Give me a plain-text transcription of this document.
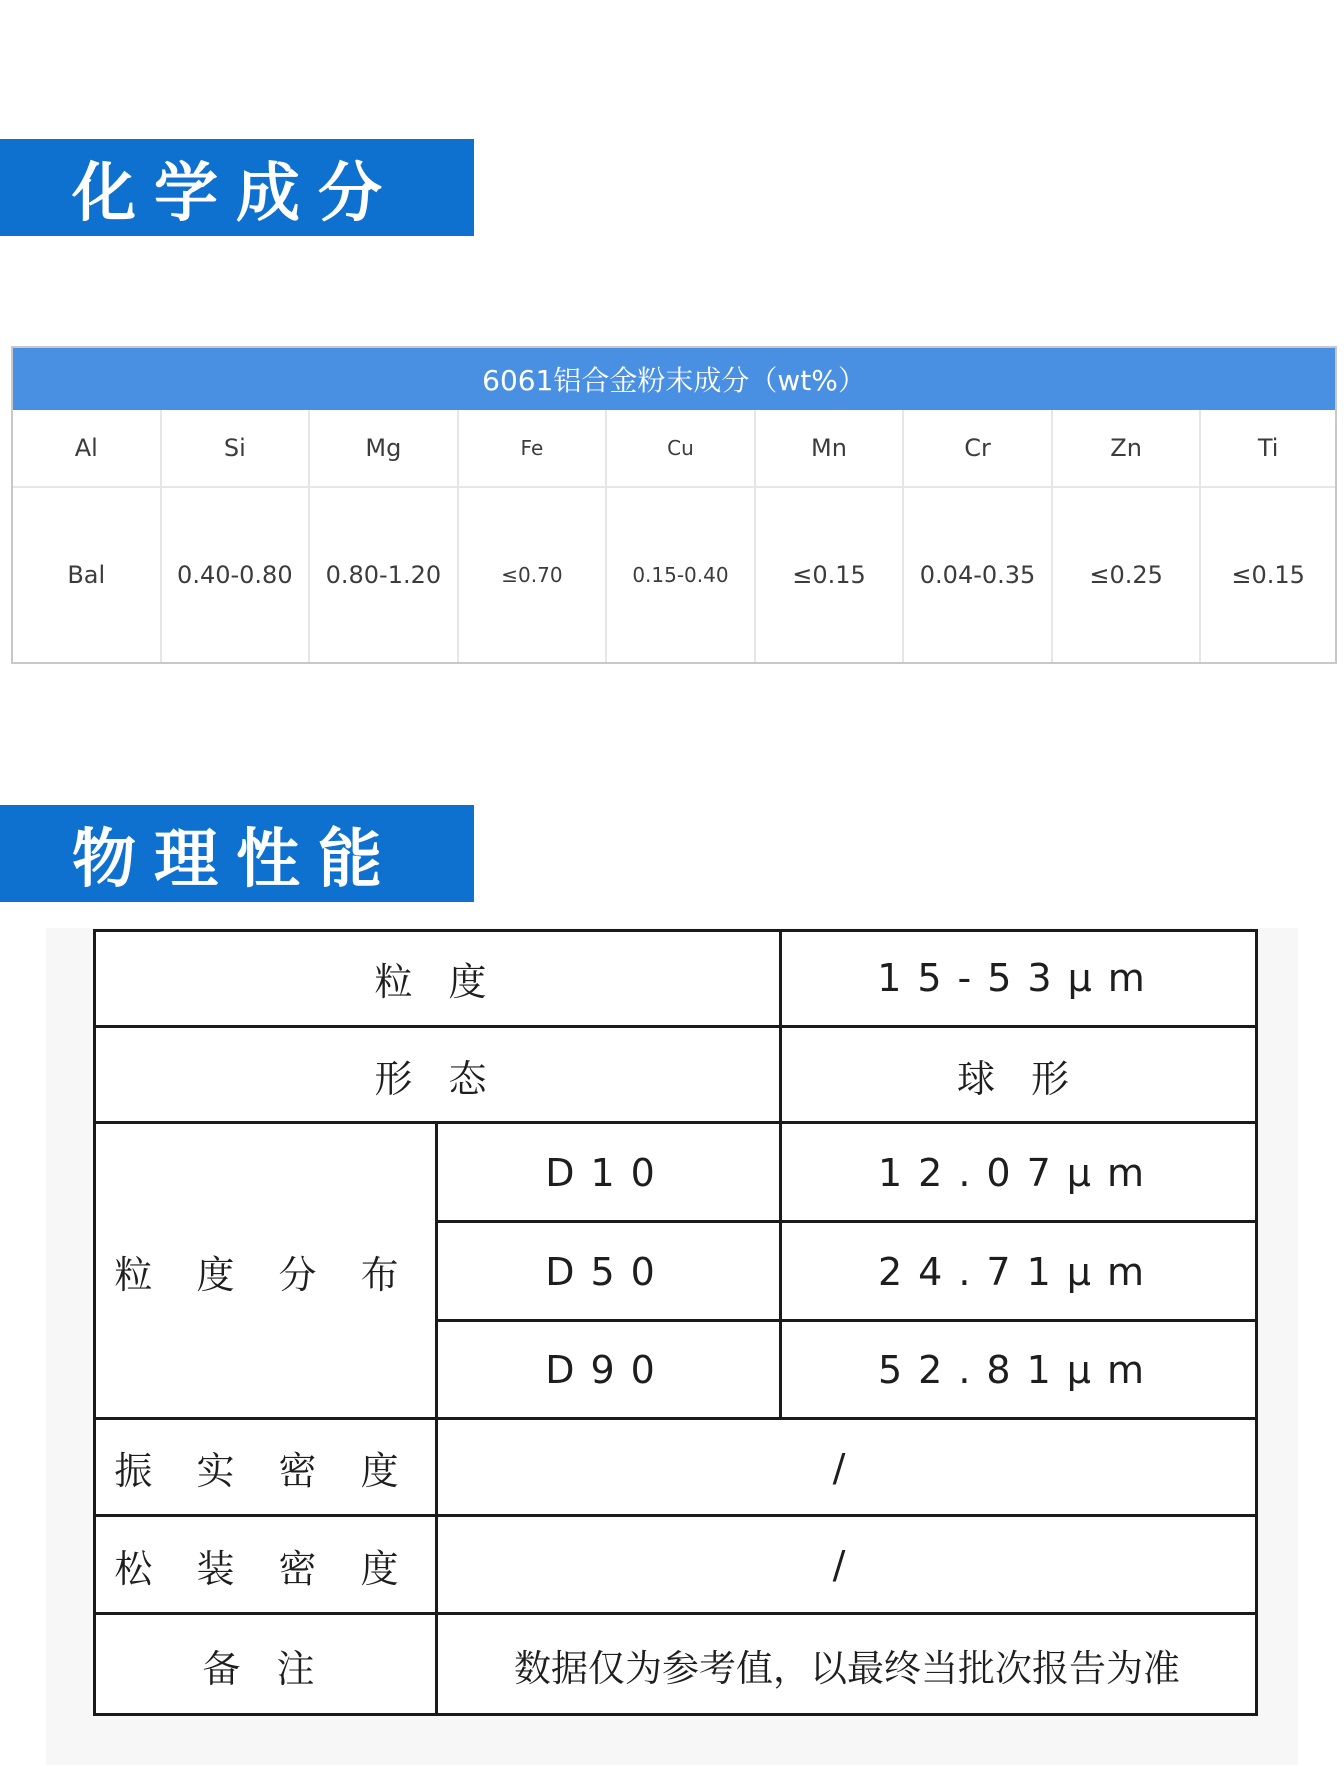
化学成分
物理性能
6061铝合金粉末成分（wt%）
Al	Si	Mg	Fe	Cu	Mn	Cr	Zn	Ti
Bal	0.40-0.80	0.80-1.20	≤0.70	0.15-0.40	≤0.15	0.04-0.35	≤0.25	≤0.15
粒 度	15-53μm
形 态	球 形
粒 度 分 布
D10	12.07μm
D50	24.71μm
D90	52.81μm
振 实 密 度	/
松 装 密 度	/
备 注	数据仅为参考值，以最终当批次报告为准
